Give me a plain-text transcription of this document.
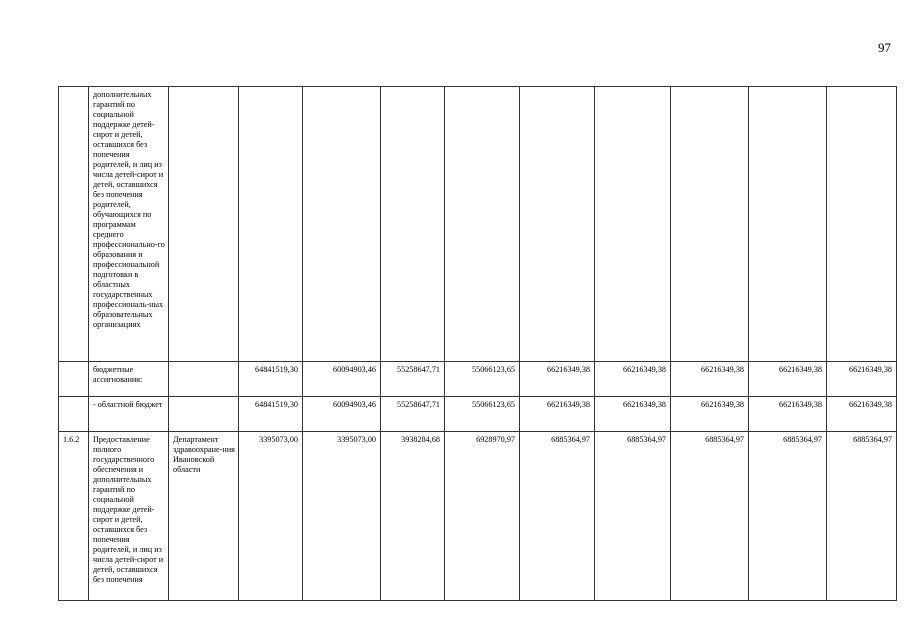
97
	дополнительных гарантий по социальной поддержке детей-сирот и детей, оставшихся без попечения родителей, и лиц из числа детей-сирот и детей, оставшихся без попечения родителей, обучающихся по программам среднего профессионально-го образования и профессиональной подготовки в областных государственных профессиональ-ных образовательных организациях										
	бюджетные ассигнования:		64841519,30	60094903,46	55258647,71	55066123,65	66216349,38	66216349,38	66216349,38	66216349,38	66216349,38
	- областной бюджет		64841519,30	60094903,46	55258647,71	55066123,65	66216349,38	66216349,38	66216349,38	66216349,38	66216349,38
1.6.2	Предоставление полного государственного обеспечения и дополнительных гарантий по социальной поддержке детей-сирот и детей, оставшихся без попечения родителей, и лиц из числа детей-сирот и детей, оставшихся без попечения	Департамент здравоохране-ния Ивановской области	3395073,00	3395073,00	3938284,68	6928970,97	6885364,97	6885364,97	6885364,97	6885364,97	6885364,97
